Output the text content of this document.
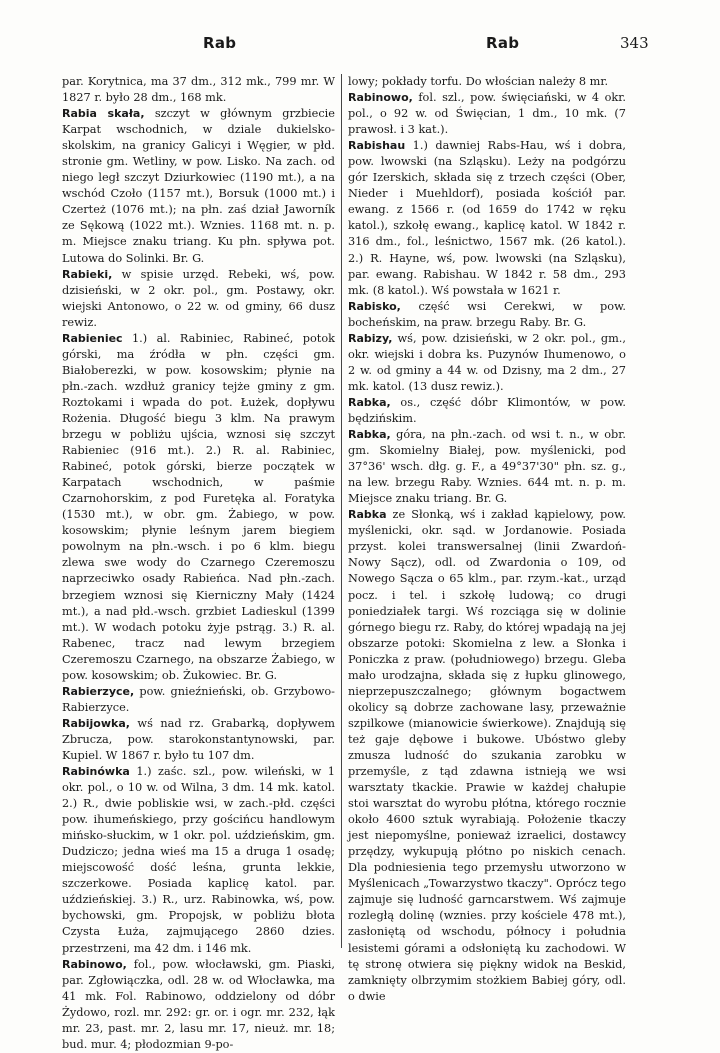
Rab	Rab	343

par. Korytnica, ma 37 dm., 312 mk., 799 mr. W 1827 r. było 28 dm., 168 mk.

Rabia skała, szczyt w głównym grzbiecie Karpat wschodnich, w dziale dukielsko-skolskim, na granicy Galicyi i Węgier, w płd. stronie gm. Wetliny, w pow. Lisko. Na zach. od niego legł szczyt Dziurkowiec (1190 mt.), a na wschód Czoło (1157 mt.), Borsuk (1000 mt.) i Czerteż (1076 mt.); na płn. zaś dział Jaworník ze Sękową (1022 mt.). Wznies. 1168 mt. n. p. m. Miejsce znaku triang. Ku płn. spływa pot. Lutowa do Solinki. Br. G.

Rabieki, w spisie urzęd. Rebeki, wś, pow. dzisieński, w 2 okr. pol., gm. Postawy, okr. wiejski Antonowo, o 22 w. od gminy, 66 dusz rewiz.

Rabieniec 1.) al. Rabiniec, Rabineć, potok górski, ma źródła w płn. części gm. Białoberezki, w pow. kosowskim; płynie na płn.-zach. wzdłuż granicy tejże gminy z gm. Roztokami i wpada do pot. Łużek, dopływu Rożenia. Długość biegu 3 klm. Na prawym brzegu w pobliżu ujścia, wznosi się szczyt Rabieniec (916 mt.). 2.) R. al. Rabiniec, Rabineć, potok górski, bierze początek w Karpatach wschodnich, w paśmie Czarnohorskim, z pod Furetęka al. Foratyka (1530 mt.), w obr. gm. Żabiego, w pow. kosowskim; płynie leśnym jarem biegiem powolnym na płn.-wsch. i po 6 klm. biegu zlewa swe wody do Czarnego Czeremoszu naprzeciwko osady Rabieńca. Nad płn.-zach. brzegiem wznosi się Kierniczny Mały (1424 mt.), a nad płd.-wsch. grzbiet Ladieskul (1399 mt.). W wodach potoku żyje pstrąg. 3.) R. al. Rabenec, tracz nad lewym brzegiem Czeremoszu Czarnego, na obszarze Żabiego, w pow. kosowskim; ob. Żukowiec. Br. G.

Rabierzyce, pow. gnieźnieński, ob. Grzybowo-Rabierzyce.

Rabijowka, wś nad rz. Grabarką, dopływem Zbrucza, pow. starokonstantynowski, par. Kupiel. W 1867 r. było tu 107 dm.

Rabinówka 1.) zaśc. szl., pow. wileński, w 1 okr. pol., o 10 w. od Wilna, 3 dm. 14 mk. katol. 2.) R., dwie pobliskie wsi, w zach.-płd. części pow. ihumeńskiego, przy gościńcu handlowym mińsko-słuckim, w 1 okr. pol. uździeńskim, gm. Dudziczo; jedna wieś ma 15 a druga 1 osadę; miejscowość dość leśna, grunta lekkie, szczerkowe. Posiada kaplicę katol. par. uździeńskiej. 3.) R., urz. Rabinowka, wś, pow. bychowski, gm. Propojsk, w pobliżu błota Czysta Łuża, zajmującego 2860 dzies. przestrzeni, ma 42 dm. i 146 mk.

Rabinowo, fol., pow. włocławski, gm. Piaski, par. Zgłowiączka, odl. 28 w. od Włocławka, ma 41 mk. Fol. Rabinowo, oddzielony od dóbr Żydowo, rozl. mr. 292: gr. or. i ogr. mr. 232, łąk mr. 23, past. mr. 2, lasu mr. 17, nieuż. mr. 18; bud. mur. 4; płodozmian 9-po-

lowy; pokłady torfu. Do włościan należy 8 mr.

Rabinowo, fol. szl., pow. święciański, w 4 okr. pol., o 92 w. od Święcian, 1 dm., 10 mk. (7 prawosł. i 3 kat.).

Rabishau 1.) dawniej Rabs-Hau, wś i dobra, pow. lwowski (na Szląsku). Leży na podgórzu gór Izerskich, składa się z trzech części (Ober, Nieder i Muehldorf), posiada kościół par. ewang. z 1566 r. (od 1659 do 1742 w ręku katol.), szkołę ewang., kaplicę katol. W 1842 r. 316 dm., fol., leśnictwo, 1567 mk. (26 katol.). 2.) R. Hayne, wś, pow. lwowski (na Szląsku), par. ewang. Rabishau. W 1842 r. 58 dm., 293 mk. (8 katol.). Wś powstała w 1621 r.

Rabisko, część wsi Cerekwi, w pow. bocheńskim, na praw. brzegu Raby. Br. G.

Rabizy, wś, pow. dzisieński, w 2 okr. pol., gm., okr. wiejski i dobra ks. Puzynów Ihumenowo, o 2 w. od gminy a 44 w. od Dzisny, ma 2 dm., 27 mk. katol. (13 dusz rewiz.).

Rabka, os., część dóbr Klimontów, w pow. będzińskim.

Rabka, góra, na płn.-zach. od wsi t. n., w obr. gm. Skomielny Białej, pow. myślenicki, pod 37°36' wsch. dłg. g. F., a 49°37'30" płn. sz. g., na lew. brzegu Raby. Wznies. 644 mt. n. p. m. Miejsce znaku triang. Br. G.

Rabka ze Słonką, wś i zakład kąpielowy, pow. myślenicki, okr. sąd. w Jordanowie. Posiada przyst. kolei transwersalnej (linii Zwardoń-Nowy Sącz), odl. od Zwardonia o 109, od Nowego Sącza o 65 klm., par. rzym.-kat., urząd pocz. i tel. i szkołę ludową; co drugi poniedziałek targi. Wś rozciąga się w dolinie górnego biegu rz. Raby, do której wpadają na jej obszarze potoki: Skomielna z lew. a Słonka i Poniczka z praw. (południowego) brzegu. Gleba mało urodzajna, składa się z łupku glinowego, nieprzepuszczalnego; głównym bogactwem okolicy są dobrze zachowane lasy, przeważnie szpilkowe (mianowicie świerkowe). Znajdują się też gaje dębowe i bukowe. Ubóstwo gleby zmusza ludność do szukania zarobku w przemyśle, z tąd zdawna istnieją we wsi warsztaty tkackie. Prawie w każdej chałupie stoi warsztat do wyrobu płótna, którego rocznie około 4600 sztuk wyrabiają. Położenie tkaczy jest niepomyślne, ponieważ izraelici, dostawcy przędzy, wykupują płótno po niskich cenach. Dla podniesienia tego przemysłu utworzono w Myślenicach „Towarzystwo tkaczy". Oprócz tego zajmuje się ludność garncarstwem. Wś zajmuje rozległą dolinę (wznies. przy kościele 478 mt.), zasłoniętą od wschodu, północy i południa lesistemi górami a odsłoniętą ku zachodowi. W tę stronę otwiera się piękny widok na Beskid, zamknięty olbrzymim stożkiem Babiej góry, odl. o dwie
